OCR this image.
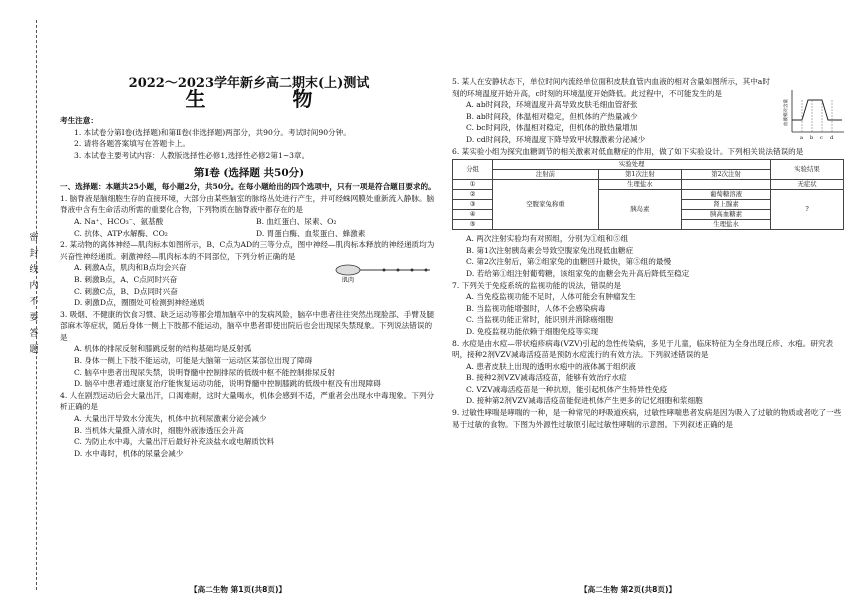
密封线内不要答题
2022～2023学年新乡高二期末(上)测试
生 物

考生注意：

1. 本试卷分第Ⅰ卷(选择题)和第Ⅱ卷(非选择题)两部分，共90分。考试时间90分钟。

2. 请将各题答案填写在答题卡上。

3. 本试卷主要考试内容：人教版选择性必修1,选择性必修2第1~3章。

第Ⅰ卷 (选择题 共50分)

一、选择题：本题共25小题，每小题2分，共50分。在每小题给出的四个选项中，只有一项是符合题目要求的。

1. 脑脊液是脑细胞生存的直接环境，大部分由某些脑室的脉络丛处进行产生，并可经蛛网膜处重新流入静脉。脑脊液中含有生命活动所需的重要化合物，下列物质在脑脊液中都存在的是

A. Na⁺、HCO₃⁻、氨基酸	B. 血红蛋白、尿素、O₂
C. 抗体、ATP水解酶、CO₂	D. 胃蛋白酶、血浆蛋白、蜂激素

2. 某动物的离体神经—肌肉标本如图所示，B、C点为AD的三等分点，图中神经—肌肉标本释放的神经递质均为兴奋性神经递质。刺激神经—肌肉标本的不同部位，下列分析正确的是

A. 刺激A点，肌肉和B点均会兴奋

B. 刺激B点，A、C点同时兴奋

C. 刺激C点，B、D点同时兴奋

D. 刺激D点，圈圈处可检测到神经递质

肌肉

3. 吸烟、不健康的饮食习惯、缺乏运动等都会增加脑卒中的发病风险，脑卒中患者往往突然出现脸部、手臂及腿部麻木等症状，随后身体一侧上下肢都不能运动，脑卒中患者即使出院后也会出现尿失禁现象。下列说法错误的是

A. 机体的排尿反射和膝跳反射的结构基础均是反射弧

B. 身体一侧上下肢不能运动，可能是大脑第一运动区某部位出现了障碍

C. 脑卒中患者出现尿失禁，说明脊髓中控制排尿的低级中枢不能控制排尿反射

D. 脑卒中患者通过康复治疗能恢复运动功能，说明脊髓中控制膝跳的低级中枢没有出现障碍

4. 人在剧烈运动后会大量出汗，口渴难耐，这时大量喝水，机体会感到不适，严重者会出现水中毒现象。下列分析正确的是

A. 大量出汗导致水分流失，机体中抗利尿激素分泌会减少

B. 当机体大量摄入清水时，细胞外液渗透压会升高

C. 为防止水中毒，大量出汗后最好补充淡盐水或电解质饮料

D. 水中毒时，机体的尿量会减少

【高二生物 第1页(共8页)】

5. 某人在安静状态下，单位时间内流经单位面积皮肤血管内血液的相对含量如图所示，其中a时刻的环境温度开始升高，c时刻的环境温度开始降低。此过程中，不可能发生的是

A. ab时间段，环境温度升高导致皮肤毛细血管舒张

B. ab时间段，体温相对稳定，但机体的产热量减少

C. bc时间段，体温相对稳定，但机体的散热量增加

D. cd时间段，环境温度下降导致甲状腺激素分泌减少

6. 某实验小组为探究血糖调节的相关激素对低血糖症的作用，做了如下实验设计。下列相关说法错误的是

分组	实验处理			实验结果
	注射前	第1次注射	第2次注射	
①	空腹家兔称重	生理盐水		无症状
②		胰岛素	葡萄糖溶液	?
③			肾上腺素	
④			胰高血糖素	
⑤			生理盐水	

A. 两次注射实验均有对照组，分别为①组和⑤组

B. 第1次注射胰岛素会导致空腹家兔出现低血糖症

C. 第2次注射后，第②组家兔的血糖回升最快，第⑤组的最慢

D. 若给第①组注射葡萄糖，该组家兔的血糖会先升高后降低至稳定

7. 下列关于免疫系统的监视功能的说法，错误的是

A. 当免疫监视功能不足时，人体可能会有肿瘤发生

B. 当监视功能增强时，人体不会感染病毒

C. 当监视功能正常时，能识别并消除癌细胞

D. 免疫监视功能依赖于细胞免疫等实现

8. 水痘是由水痘—带状疱疹病毒(VZV)引起的急性传染病，多见于儿童，临床特征为全身出现丘疹、水疱。研究表明，接种2剂VZV减毒活疫苗是预防水痘流行的有效方法。下列叙述错误的是

A. 患者皮肤上出现的透明水疱中的液体属于组织液

B. 接种2剂VZV减毒活疫苗，能够有效治疗水痘

C. VZV减毒活疫苗是一种抗原，能引起机体产生特异性免疫

D. 接种第2剂VZV减毒活疫苗能促进机体产生更多的记忆细胞和浆细胞

9. 过敏性哮喘是哮喘的一种，是一种常见的呼吸道疾病，过敏性哮喘患者发病是因为吸入了过敏的物质或者吃了一些易于过敏的食物。下图为外源性过敏原引起过敏性哮喘的示意图。下列叙述正确的是

a b c d
血液相对含量
【高二生物 第2页(共8页)】
